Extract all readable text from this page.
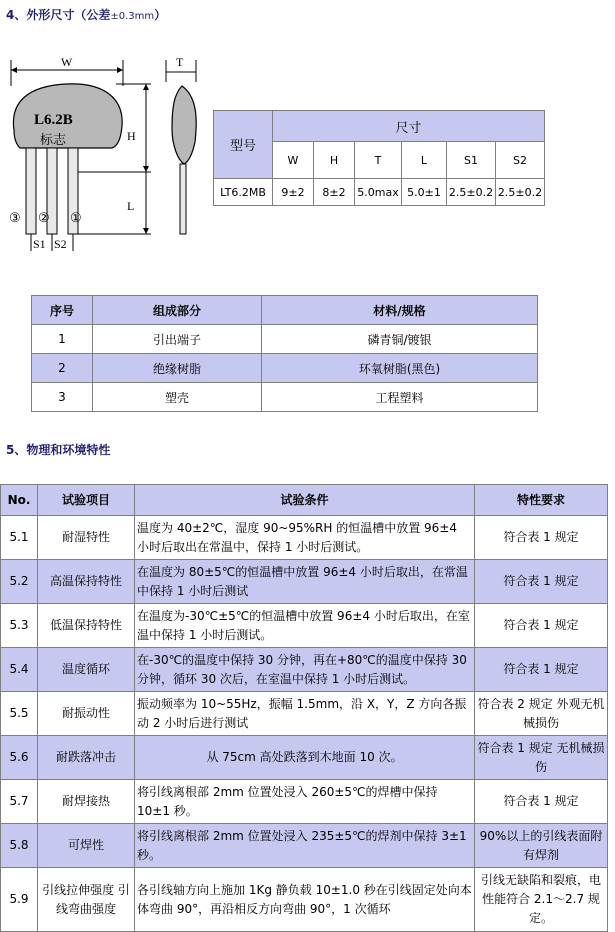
4、外形尺寸（公差±0.3mm）
W
L6.2B
标志
③ ② ①
S1 S2
H
L
T
型号	尺寸					
	W	H	T	L	S1	S2
LT6.2MB	9±2	8±2	5.0max	5.0±1	2.5±0.2	2.5±0.2
序号	组成部分	材料/规格
1	引出端子	磷青铜/镀银
2	绝缘树脂	环氧树脂(黑色)
3	塑壳	工程塑料
5、物理和环境特性
No.	试验项目	试验条件	特性要求
5.1	耐湿特性	温度为 40±2℃，湿度 90~95%RH 的恒温槽中放置 96±4 小时后取出在常温中，保持 1 小时后测试。	符合表 1 规定
5.2	高温保持特性	在温度为 80±5℃的恒温槽中放置 96±4 小时后取出，在常温中保持 1 小时后测试	符合表 1 规定
5.3	低温保持特性	在温度为-30℃±5℃的恒温槽中放置 96±4 小时后取出，在室温中保持 1 小时后测试。	符合表 1 规定
5.4	温度循环	在-30℃的温度中保持 30 分钟，再在+80℃的温度中保持 30 分钟，循环 30 次后，在室温中保持 1 小时后测试。	符合表 1 规定
5.5	耐振动性	振动频率为 10~55Hz，振幅 1.5mm，沿 X，Y，Z 方向各振动 2 小时后进行测试	符合表 2 规定 外观无机械损伤
5.6	耐跌落冲击	从 75cm 高处跌落到木地面 10 次。	符合表 1 规定 无机械损伤
5.7	耐焊接热	将引线离根部 2mm 位置处浸入 260±5℃的焊槽中保持 10±1 秒。	符合表 1 规定
5.8	可焊性	将引线离根部 2mm 位置处浸入 235±5℃的焊剂中保持 3±1 秒。	90%以上的引线表面附有焊剂
5.9	引线拉伸强度 引线弯曲强度	各引线轴方向上施加 1Kg 静负载 10±1.0 秒在引线固定处向本体弯曲 90°，再沿相反方向弯曲 90°，1 次循环	引线无缺陷和裂痕，电性能符合 2.1～2.7 规定。
